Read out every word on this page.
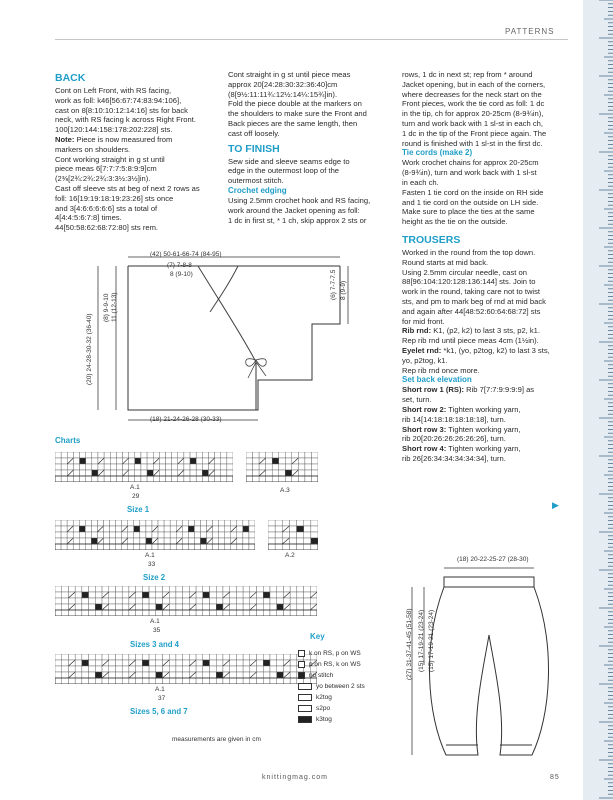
PATTERNS

BACK

Cont on Left Front, with RS facing,

work as foll: k46[56:67:74:83:94:106],

cast on 8[8:10:10:12:14:16] sts for back

neck, with RS facing k across Right Front.

100[120:144:158:178:202:228] sts.

Note: Piece is now measured from

markers on shoulders.

Cont working straight in g st until

piece meas 6[7:7:7:5:8:9:9]cm

(2⅜[2¾:2¾:2¾:3:3½:3½]in).

Cast off sleeve sts at beg of next 2 rows as

foll: 16[19:19:18:19:23:26] sts once

and 3[4:6:6:6:6:6] sts a total of

4[4:4:5:6:7:8] times.

44[50:58:62:68:72:80] sts rem.

Cont straight in g st until piece meas

approx 20[24:28:30:32:36:40]cm

(8[9½:11:11¾:12½:14¼:15¾]in).

Fold the piece double at the markers on

the shoulders to make sure the Front and

Back pieces are the same length, then

cast off loosely.

TO FINISH

Sew side and sleeve seams edge to

edge in the outermost loop of the

outermost stitch.

Crochet edging

Using 2.5mm crochet hook and RS facing,

work around the Jacket opening as foll:

1 dc in first st, * 1 ch, skip approx 2 sts or

rows, 1 dc in next st; rep from * around

Jacket opening, but in each of the corners,

where decreases for the neck start on the

Front pieces, work the tie cord as foll: 1 dc

in the tip, ch for approx 20-25cm (8-9¾in),

turn and work back with 1 sl-st in each ch,

1 dc in the tip of the Front piece again. The

round is finished with 1 sl-st in the first dc.

Tie cords (make 2)

Work crochet chains for approx 20-25cm

(8-9¾in), turn and work back with 1 sl-st

in each ch.

Fasten 1 tie cord on the inside on RH side

and 1 tie cord on the outside on LH side.

Make sure to place the ties at the same

height as the tie on the outside.

TROUSERS

Worked in the round from the top down.

Round starts at mid back.

Using 2.5mm circular needle, cast on

88[96:104:120:128:136:144] sts. Join to

work in the round, taking care not to twist

sts, and pm to mark beg of rnd at mid back

and again after 44[48:52:60:64:68:72] sts

for mid front.

Rib rnd: K1, (p2, k2) to last 3 sts, p2, k1.

Rep rib rnd until piece meas 4cm (1½in).

Eyelet rnd: *k1, (yo, p2tog, k2) to last 3 sts,

yo, p2tog, k1.

Rep rib rnd once more.

Set back elevation

Short row 1 (RS): Rib 7[7:7:9:9:9:9] as

set, turn.

Short row 2: Tighten working yarn,

rib 14[14:18:18:18:18:18], turn.

Short row 3: Tighten working yarn,

rib 20[20:26:26:26:26:26], turn.

Short row 4: Tighten working yarn,

rib 26[26:34:34:34:34:34], turn.

▶
(42) 50-61-66-74 (84-95)
(7) 7-8-8
8 (9-10)	(6) 7-7-7.5 8 (9-9)
(8) 9-9-10 11 (12-13)
(20) 24-28-30-32 (36-40)
(18) 21-24-26-28 (30-33)
Charts
A.1
29
Size 1
A.3
A.1
33
Size 2
A.2
A.1
35
Sizes 3 and 4
A.1
37
Sizes 5, 6 and 7
measurements are given in cm
Key
k on RS, p on WS
p on RS, k on WS
no stitch
yo between 2 sts
k2tog
s2po
k3tog
(18) 20-22-25-27 (28-30)
(27) 31-37-41-45 (51-58) (15) 17-19-21 (23-24) (15) 17-19-21 (23-24)
knittingmag.com	85
